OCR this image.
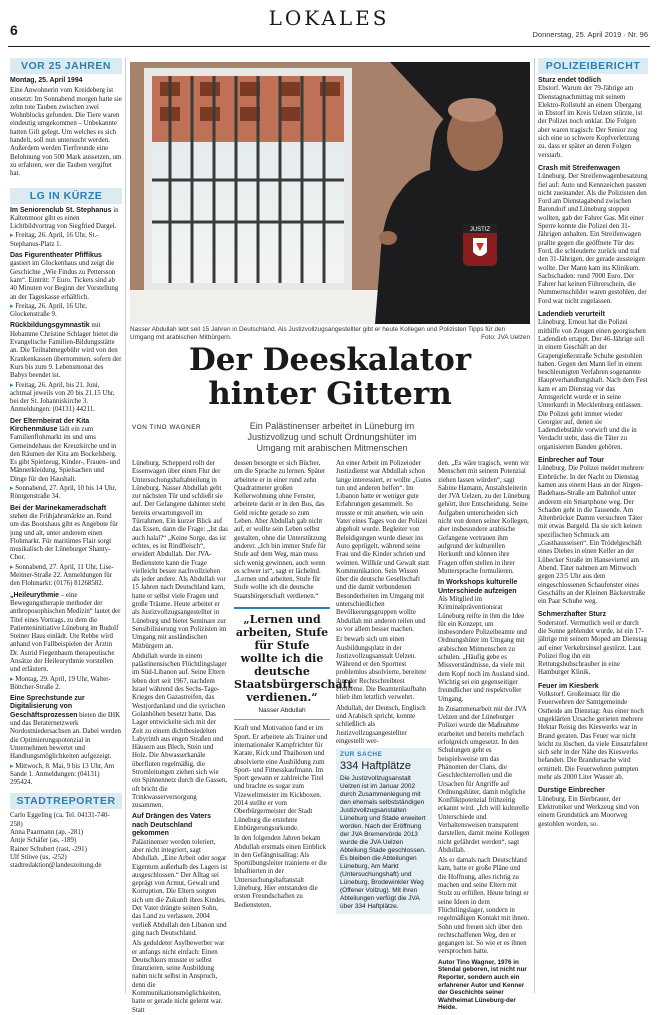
6	LOKALES
Donnerstag, 25. April 2019 · Nr. 96
VOR 25 JAHREN

Montag, 25. April 1994

Eine Anwohnerin vom Kreideberg ist entsetzt: Im Sonnabend morgen hatte sie zehn tote Tauben zwischen zwei Wohnblocks gefunden. Die Tiere waren eindeutig umgekommen – Unbekannte hatten Gift gelegt. Um welches es sich handelt, soll nun untersucht werden. Außerdem werden Tierfreunde eine Belohnung von 500 Mark aussetzen, um zu erfahren, wer die Tauben vergiftet hat.

LG IN KÜRZE
Im Seniorenclub St. Stephanus in Kaltenmoor gibt es einen Lichtbildvortrag von Siegfried Dargel.
▸ Freitag, 26. April, 16 Uhr, St.-Stephanus-Platz 1.
Das Figurentheater Pfiffikus gastiert im Glockenhaus und zeigt die Geschichte „Wie Findus zu Pettersson kam“. Eintritt: 7 Euro. Tickets sind ab 40 Minuten vor Beginn der Vorstellung an der Tageskasse erhältlich.
▸ Freitag, 26. April, 16 Uhr, Glockenstraße 9.
Rückbildungsgymnastik mit Hebamme Christine Schlager bietet die Evangelische Familien-Bildungsstätte an. Die Teilnahmegebühr wird von den Krankenkassen übernommen, sofern der Kurs bis zum 9. Lebensmonat des Babys beendet ist.
▸ Freitag, 26. April, bis 21. Juni, achtmal jeweils von 20 bis 21.15 Uhr, bei der St. Johanniskirche 3. Anmeldungen: (04131) 44211.
Der Elternbeirat der Kita Kirchenmäuse lädt ein zum Familienflohmarkt im und ums Gemeindehaus der Kreuzkirche und in den Räumen der Kita am Bockelsberg. Es gibt Spielzeug, Kinder-, Frauen- und Männerkleidung, Spielsachen und Dinge für den Haushalt.
▸ Sonnabend, 27. April, 10 bis 14 Uhr, Röntgenstraße 34.
Bei der Marinekameradschaft stehen die Frühjahrsmärkte an. Rund um das Bootshaus gibt es Angebote für jung und alt, unter anderem einen Flohmarkt. Für maritimes Flair sorgt musikalisch der Lüneburger Shanty-Chor.
▸ Sonnabend, 27. April, 11 Uhr, Lise-Meitner-Straße 22. Anmeldungen für den Flohmarkt: (0176) 81268582.
„Heileurythmie – eine Bewegungstherapie methoder der anthroposophischen Medizin“ lautet der Titel eines Vortrags, zu dem die Patienteninitiative Lüneburg im Rudolf Steiner Haus einlädt. Ute Rebbe wird anhand von Fallbeispielen der Ärztin Dr. Astrid Fiegenbaum therapeutische Ansätze der Heileurythmie vorstellen und erläutern.
▸ Montag, 29. April, 19 Uhr, Walter-Böttcher-Straße 2.
Eine Sprechstunde zur Digitalisierung von Geschäftsprozessen bieten die IHK und das Beraternetzwerk Nordostniedersachsen an. Dabei werden die Optimierungspotenzial in Unternehmen bewertet und Handlungsmöglichkeiten aufgezeigt.
▸ Mittwoch, 8. Mai, 9 bis 13 Uhr, Am Sande 1. Anmeldungen: (04131) 295424.
STADTREPORTER
Carlo Eggeling (ca, Tel. 04131-740-258)
Anna Paarmann (ap, -281)
Antje Schäfer (as, -189)
Rainer Schubert (rast, -291)
Ulf Stüwe (us, -252)

stadtredaktion@landeszeitung.de

JUSTIZ
Nasser Abdullah lebt seit 15 Jahren in Deutschland. Als Justizvollzugsangestellter gibt er heute Kollegen und Polizisten Tipps für den Umgang mit arabischen Mitbürgern.	Foto: JVA Uelzen
Der Deeskalator
hinter Gittern
VON TINO WAGNER	Ein Palästinenser arbeitet in Lüneburg im Justizvollzug und schult Ordnungshüter im Umgang mit arabischen Mitmenschen

Lüneburg. Schepperd rollt der Essenwagen über einen Flur der Untersuchungshaftabteilung in Lüneburg. Nasser Abdullah geht zur nächsten Tür und schließt sie auf. Der Gefangene dahinter steht bereits erwartungsvoll im Türrahmen. Ein kurzer Blick auf das Essen, dann die Frage: „Ist das auch halal?“ „Keine Sorge, das ist echtes, es ist Rindfleisch“, erwidert Abdullah. Der JVA-Bedienstete kann die Frage vielleicht besser nachvollziehen als jeder andere. Als Abdullah vor 15 Jahren nach Deutschland kam, hatte er selbst viele Fragen und große Träume. Heute arbeitet er als Justizvollzugsangestellter in Lüneburg und bietet Seminare zur Sensibilisierung von Polizisten im Umgang mit ausländischen Mitbürgern an.

Abdullah wurde in einem palästinensischen Flüchtlingslager im Süd-Libanon auf. Seine Eltern leben dort seit 1967, nachdem Israel während des Sechs-Tage-Krieges den Gazastreifen, das Westjordanland und die syrischen Golanhöhen besetzt hatte. Das Lager entwickelte sich mit der Zeit zu einem dichtbesiedelten Labyrinth aus engen Straßen und Häusern aus Blech, Stein und Holz. Die Abwasserkanäle überfluten regelmäßig, die Stromleitungen ziehen sich wie ein Spinnennetz durch die Gassen, oft bricht die Trinkwasserversorgung zusammen.

Auf Drängen des Vaters nach Deutschland gekommen

Palästinenser werden toleriert, aber nicht integriert, sagt Abdullah. „Eine Arbeit oder sogar Eigentum außerhalb des Lagers ist ausgeschlossen.“ Der Alltag sei geprägt von Armut, Gewalt und Korruption. Die Eltern sorgten sich um die Zukunft ihres Kindes. Der Vater drängte seinen Sohn, das Land zu verlassen. 2004 verließ Abdullah den Libanon und ging nach Deutschland.

Als geduldeter Asylbewerber war er anfangs nicht einfach: Einen Deutschkurs musste er selbst finanzieren, seine Ausbildung nahm nicht selbst in Anspruch, denn die Kommunikationsmöglichkeiten, hatte er gerade nicht gelernt war. Statt

dessen besorgte er sich Bücher, um die Sprache zu lernen. Später arbeitete er in einer rund zehn Quadratmeter großen Kellerwohnung ohne Fenster, arbeitete darin er in den Bus, das Geld reichte gerade so zum Leben. Aber Abdullah gab nicht auf, er wollte sein Leben selbst gestalten, ohne die Unterstützung anderer. „Ich bin immer Stufe für Stufe auf dem Weg, man muss sich wenig gewinnen, auch wenn es schwer ist“, sagt er lächelnd. „Lernen und arbeiten, Stufe für Stufe wollte ich die deutsche Staatsbürgerschaft verdienen.“

„Lernen und arbeiten, Stufe für Stufe wollte ich die deutsche Staatsbürgerschaft verdienen.“
Nasser Abdullah

Kraft und Motivation fand er im Sport. Er arbeitete als Trainer und internationaler Kampfrichter für Karate, Kick und Thaiboxen und absolvierte eine Ausbildung zum Sport- und Fitnesskaufmann. Im Sport gewann er zahlreiche Titel und brachte es sogar zum Vizeweltmeister im Kickboxen. 2014 stellte er vom Oberbürgermeister der Stadt Lüneburg die erstehnte Einbürgerungsurkunde.

In den folgenden Jahren bekam Abdullah erstmals einen Einblick in den Gefängnisalltag: Als Sportübungsleiter trainierte er die Inhaftierten in der Untersuchungshaftanstalt Lüneburg. Hier entstanden die ersten Freundschaften zu Bediensteten.

An einer Arbeit im Polizeioder Justizdienst war Abdullah schon lange interessiert, er wollte „Gutes tun und anderen helfen“. Im Libanon hatte er weniger gute Erfahrungen gesammelt. So musste er mit ansehen, wie sein Vater eines Tages von der Polizei abgeholt wurde. Begleiter von Beleidigungen wurde dieser ins Auto geprügelt, während seine Frau und die Kinder schrien und weinten. Willkür und Gewalt statt Kommunikation. Sein Wissen über die deutsche Gesellschaft und die damit verbundenen Besonderheiten im Umgang mit unterschiedlichen Bevölkerungsgruppen wollte Abdullah mit anderen teilen und so vor allem besser machen.

Er bewarb sich um einen Ausbildungsplatz in der Justizvollzugsanstalt Uelzen. Während er den Sporttest problemlos absolvierte, bereitete ihm der Rechtschreibtest Probleme. Die Beamtenlaufbahn blieb ihm letztlich verwehrt.

Abdullah, der Deutsch, Englisch und Arabisch spricht, konnte schließlich als Justizvollzugsangestellter eingestellt wer-

ZUR SACHE
334 Haftplätze
Die Justizvollzugsanstalt Uelzen ist im Januar 2002 durch Zusammenlegung mit den ehemals selbstständigen Justizvollzugsanstalten Lüneburg und Stade erweitert worden. Nach der Eröffnung der JVA Bremervörde 2013 wurde die JVA Uelzen Abteilung Stade geschlossen. Es bleiben die Abteilungen Lüneburg, Am Markt (Untersuchungshaft) und Lüneburg, Brodewinkler Weg (Offener Vollzug). Mit ihren Abteilungen verfügt die JVA über 334 Haftplätze.

den. „Es wäre tragisch, wenn wir Menschen mit seinem Potenzial ziehen lassen würden“, sagt Sabine Hamann, Anstaltsleiterin der JVA Uelzen, zu der Lüneburg gehört, ihre Entscheidung. Seine Aufgaben unterscheiden sich nicht von denen seiner Kollegen, aber insbesondere arabische Gefangene vertrauen ihm aufgrund der kulturellen Herkunft und können ihre Fragen offen stellen in ihrer Muttersprache formulieren.

In Workshops kulturelle Unterschiede aufzeigen

Als Mitglied im Kriminalpräventionsrat Lüneburg reifte in ihm die Idee für ein Konzept, um insbesondere Polizeibeamte und Ordnungshüter im Umgang mit arabischen Mitmenschen zu schulen. „Häufig gebe es Missverständnisse, da viele mit dem Kopf noch im Ausland sind. Wichtig sei ein gegenseitiger freundlicher und respektvoller Umgang.

In Zusammenarbeit mit der JVA Uelzen und der Lüneburger Polizei wurde die Maßnahme erarbeitet und bereits mehrfach erfolgreich umgesetzt. In den Schulungen geht es beispielsweise um das Phänomen der Clans, die Geschlechterrollen und die Ursachen für Angriffe auf Ordnungshüter, damit mögliche Konfliktpotenzial frühzeitig erkannt wird. „Ich will kulturelle Unterschiede und Verhaltensweisen transparent darstellen, damit meine Kollegen nicht gefährdet werden“, sagt Abdullah.

Als er damals nach Deutschland kam, hatte er große Pläne und die Hoffnung, alles richtig zu machen und seine Eltern mit Stolz zu erfüllen. Heute bringt er seine Ideen in dem Flüchtlingslager, sondern in regelmäßigen Kontakt mit ihnen. Sohn und freuen sich über den rechtschaffenen Weg, den er gegangen ist. So wie er es ihnen versprochen hatte.

Autor Tino Wagner, 1976 in Stendal geboren, ist nicht nur Reporter, sondern auch ein erfahrener Autor und Kenner der Geschichte seiner Wahlheimat Lüneburg-der Heide.

POLIZEIBERICHT
Sturz endet tödlich
Ebstorf. Warum der 79-Jährige am Dienstagnachmittag mit seinem Elektro-Rollstuhl an einem Übergang in Ebstorf im Kreis Uelzen stürzte, ist der Polizei noch unklar. Die Folgen aber waren tragisch: Der Senior zog sich eine so schwere Kopfverletzung zu, dass er später an deren Folgen verstarb.
Crash mit Streifenwagen
Lüneburg. Der Streifenwagenbesatzung fiel auf: Auto und Kennzeichen passten nicht zueinander. Als die Polizisten den Ford am Dienstagabend zwischen Barendorf und Lüneburg stoppen wollten, gab der Fahrer Gas. Mit einer Sperre konnte die Polizei den 31-Jährigen anhalten. Ein Streifenwagen prallte gegen die geöffnete Tür des Ford, die schleuderte zurück und traf den 31-Jährigen, der gerade aussteigen wollte. Der Mann kam ins Klinikum. Sachschaden: rund 7000 Euro. Der Fahrer hat keinen Führerschein, die Nummernschilder waren gestohlen, der Ford war nicht zugelassen.
Ladendieb verurteilt
Lüneburg. Erneut hat die Polizei mithilfe von Zeugen einen georgischen Ladendieb ertappt. Der 46-Jährige soll in einem Geschäft an der Grapengießerstraße Schuhe gestohlen haben. Gegen den Mann lief in einem beschleunigten Verfahren sogenannte Hauptverhandlungshaft. Nach dem Fest kam er am Dienstag vor das Amtsgericht wurde er in seine Unterkunft in Mecklenburg entlassen. Die Polizei geht immer wieder Georgier auf, denen sie Ladendiebstähle vorwirft und die in Verdacht steht, dass die Täter zu organisierten Banden gehören.
Einbrecher auf Tour
Lüneburg. Die Polizei meldet mehrere Einbrüche. In der Nacht zu Dienstag kamen aus einem Haus an der Jürgen-Badehaus-Straße am Bahnhof unter anderem ein Smartphone weg. Der Schaden geht in die Tausende. Am Altenbrücker Damm versuchten Täter mit etwas Bargeld. Da sie sich keinen spezifischen Schmuck am „Gasthausseisen“. Ein Trödelgeschäft eines Diebes in einen Keller an der Lübecker Straße im Hanseviertel am Abend. Täter nahmen am Mittwoch gegen 23:5 Uhr aus dem eingeschlossenen Schaufenster eines Geschäfts an der Kleinen Bäckerstraße ein Paar Schuhe weg.
Schmerzhafter Sturz
Soderstorf. Vermutlich weil er durch die Sonne geblendet wurde, ist ein 17-jährige mit seinem Moped am Dienstag auf einer Verkehrsinsel gestürzt. Laut Polizei flog ihn ein Rettungshubschrauber in eine Hamburger Klinik.
Feuer im Kiesberk
Volkstorf. Großeinsatz für die Feuerwehren der Samtgemeinde Ostheide am Dienstag: Aus einer noch ungeklärten Ursache gerieten mehrere Hektar Reisig des Kieswerks war in Brand geraten. Das Feuer war nicht leicht zu löschen, da viele Einsatzfahrer sich sehr in der Nähe des Kieswerks befanden. Die Brandursache wird ermittelt. Die Feuerwehren pumpten mehr als 2000 Liter Wasser ab.
Durstige Einbrecher
Lüneburg. Ein Bierbrauer, der Elektroniker und Werkzeug sind von einem Grundstück am Moorweg gestohlen worden, so.
